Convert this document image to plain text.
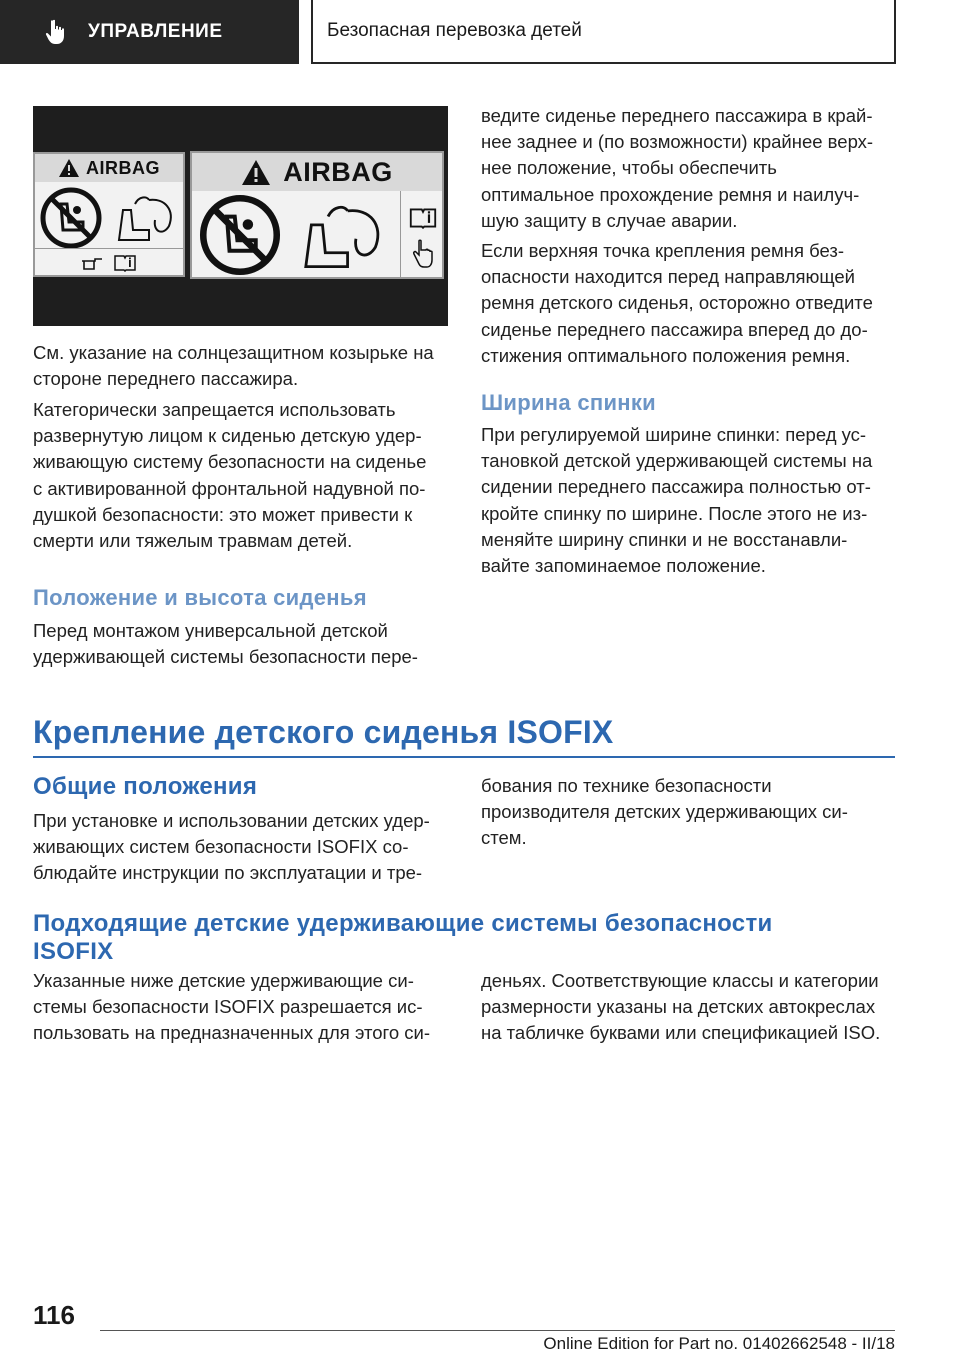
УПРАВЛЕНИЕ	Безопасная перевозка детей
AIRBAG	AIRBAG
См. указание на солнцезащитном козырьке на
стороне переднего пассажира.
Категорически запрещается использовать
развернутую лицом к сиденью детскую удер-
живающую систему безопасности на сиденье
с активированной фронтальной надувной по-
душкой безопасности: это может привести к
смерти или тяжелым травмам детей.
Положение и высота сиденья
Перед монтажом универсальной детской
удерживающей системы безопасности пере-
ведите сиденье переднего пассажира в край-
нее заднее и (по возможности) крайнее верх-
нее положение, чтобы обеспечить
оптимальное прохождение ремня и наилуч-
шую защиту в случае аварии.
Если верхняя точка крепления ремня без-
опасности находится перед направляющей
ремня детского сиденья, осторожно отведите
сиденье переднего пассажира вперед до до-
стижения оптимального положения ремня.
Ширина спинки
При регулируемой ширине спинки: перед ус-
тановкой детской удерживающей системы на
сидении переднего пассажира полностью от-
кройте спинку по ширине. После этого не из-
меняйте ширину спинки и не восстанавли-
вайте запоминаемое положение.
Крепление детского сиденья ISOFIX
Общие положения
При установке и использовании детских удер-
живающих систем безопасности ISOFIX со-
блюдайте инструкции по эксплуатации и тре-
бования по технике безопасности
производителя детских удерживающих си-
стем.
Подходящие детские удерживающие системы безопасности
ISOFIX
Указанные ниже детские удерживающие си-
стемы безопасности ISOFIX разрешается ис-
пользовать на предназначенных для этого си-
деньях. Соответствующие классы и категории
размерности указаны на детских автокреслах
на табличке буквами или спецификацией ISO.
116
Online Edition for Part no. 01402662548 - II/18
